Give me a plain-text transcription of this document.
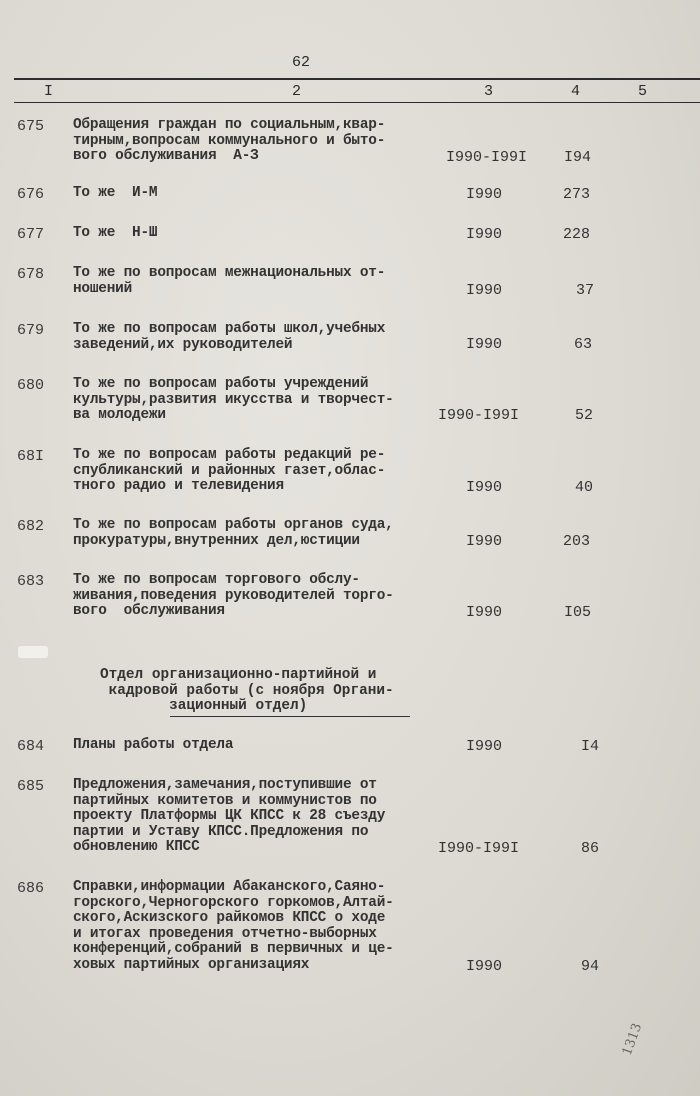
62
I	2	3	4	5
675 Обращения граждан по социальным,квар-
тирным,вопросам коммунального и быто-
вого обслуживания  А-З	I990-I99I I94
676 То же  И-М	I990	273
677 То же  Н-Ш	I990	228
678 То же по вопросам межнациональных от-
ношений	I990	37
679 То же по вопросам работы школ,учебных
заведений,их руководителей	I990	63
680 То же по вопросам работы учреждений
культуры,развития икусства и творчест-
ва молодежи	I990-I99I	52
68I То же по вопросам работы редакций ре-
спубликанский и районных газет,облас-
тного радио и телевидения	I990	40
682 То же по вопросам работы органов суда,
прокуратуры,внутренних дел,юстиции	I990	203
683 То же по вопросам торгового обслу-
живания,поведения руководителей торго-
вого  обслуживания	I990	I05
Отдел организационно-партийной и
кадровой работы (с ноября Органи-
зационный отдел)
684 Планы работы отдела	I990	I4
685 Предложения,замечания,поступившие от
партийных комитетов и коммунистов по
проекту Платформы ЦК КПСС к 28 съезду
партии и Уставу КПСС.Предложения по
обновлению КПСС	I990-I99I	86
686 Справки,информации Абаканского,Саяно-
горского,Черногорского горкомов,Алтай-
ского,Аскизского райкомов КПСС о ходе
и итогах проведения отчетно-выборных
конференций,собраний в первичных и це-
ховых партийных организациях	I990	94
1313
